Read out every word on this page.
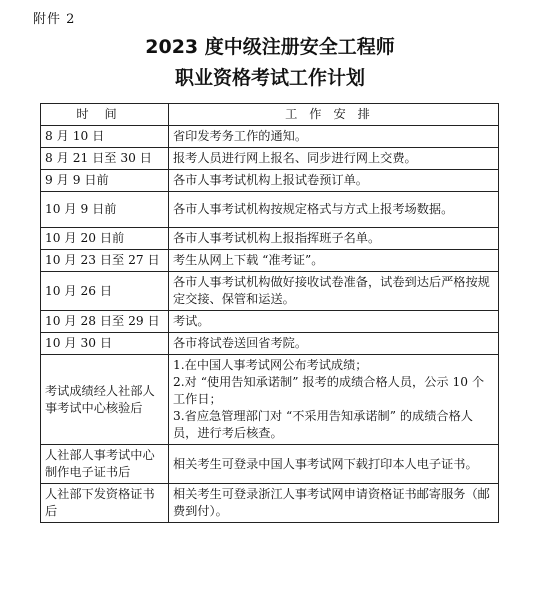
附件 2
2023 度中级注册安全工程师
职业资格考试工作计划
时间	工作安排
8 月 10 日	省印发考务工作的通知。
8 月 21 日至 30 日	报考人员进行网上报名、同步进行网上交费。
9 月 9 日前	各市人事考试机构上报试卷预订单。
10 月 9 日前	各市人事考试机构按规定格式与方式上报考场数据。
10 月 20 日前	各市人事考试机构上报指挥班子名单。
10 月 23 日至 27 日	考生从网上下载 “准考证”。
10 月 26 日	各市人事考试机构做好接收试卷准备，试卷到达后严格按规定交接、保管和运送。
10 月 28 日至 29 日	考试。
10 月 30 日	各市将试卷送回省考院。
考试成绩经人社部人事考试中心核验后	1.在中国人事考试网公布考试成绩；
2.对 “使用告知承诺制” 报考的成绩合格人员，公示 10 个工作日；
3.省应急管理部门对 “不采用告知承诺制” 的成绩合格人员，进行考后核查。

人社部人事考试中心制作电子证书后	相关考生可登录中国人事考试网下载打印本人电子证书。
人社部下发资格证书后	相关考生可登录浙江人事考试网申请资格证书邮寄服务（邮费到付）。
